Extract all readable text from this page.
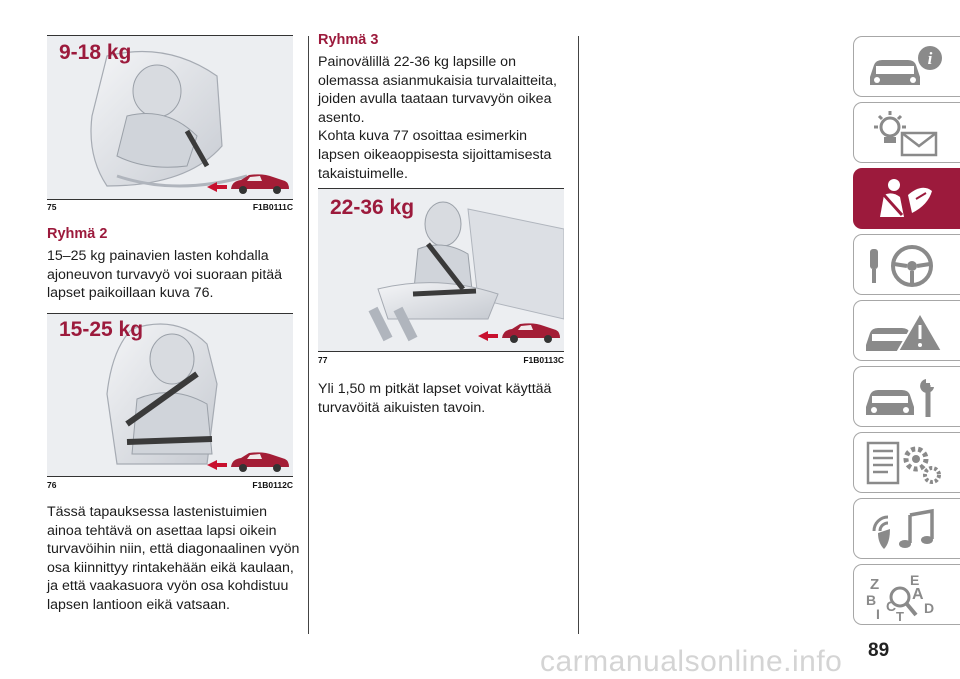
9-18 kg
75	F1B0111C
Ryhmä 2
15–25 kg painavien lasten kohdalla
ajoneuvon turvavyö voi suoraan pitää
lapset paikoillaan kuva 76.
15-25 kg
76	F1B0112C
Tässä tapauksessa lastenistuimien
ainoa tehtävä on asettaa lapsi oikein
turvavöihin niin, että diagonaalinen vyön
osa kiinnittyy rintakehään eikä kaulaan,
ja että vaakasuora vyön osa kohdistuu
lapsen lantioon eikä vatsaan.
Ryhmä 3
Painovälillä 22-36 kg lapsille on
olemassa asianmukaisia turvalaitteita,
joiden avulla taataan turvavyön oikea
asento.
Kohta kuva 77 osoittaa esimerkin
lapsen oikeaoppisesta sijoittamisesta
takaistuimelle.
22-36 kg
77	F1B0113C
Yli 1,50 m pitkät lapset voivat käyttää
turvavöitä aikuisten tavoin.
i
Z E
A
B C D
I T
89
carmanualsonline.info
